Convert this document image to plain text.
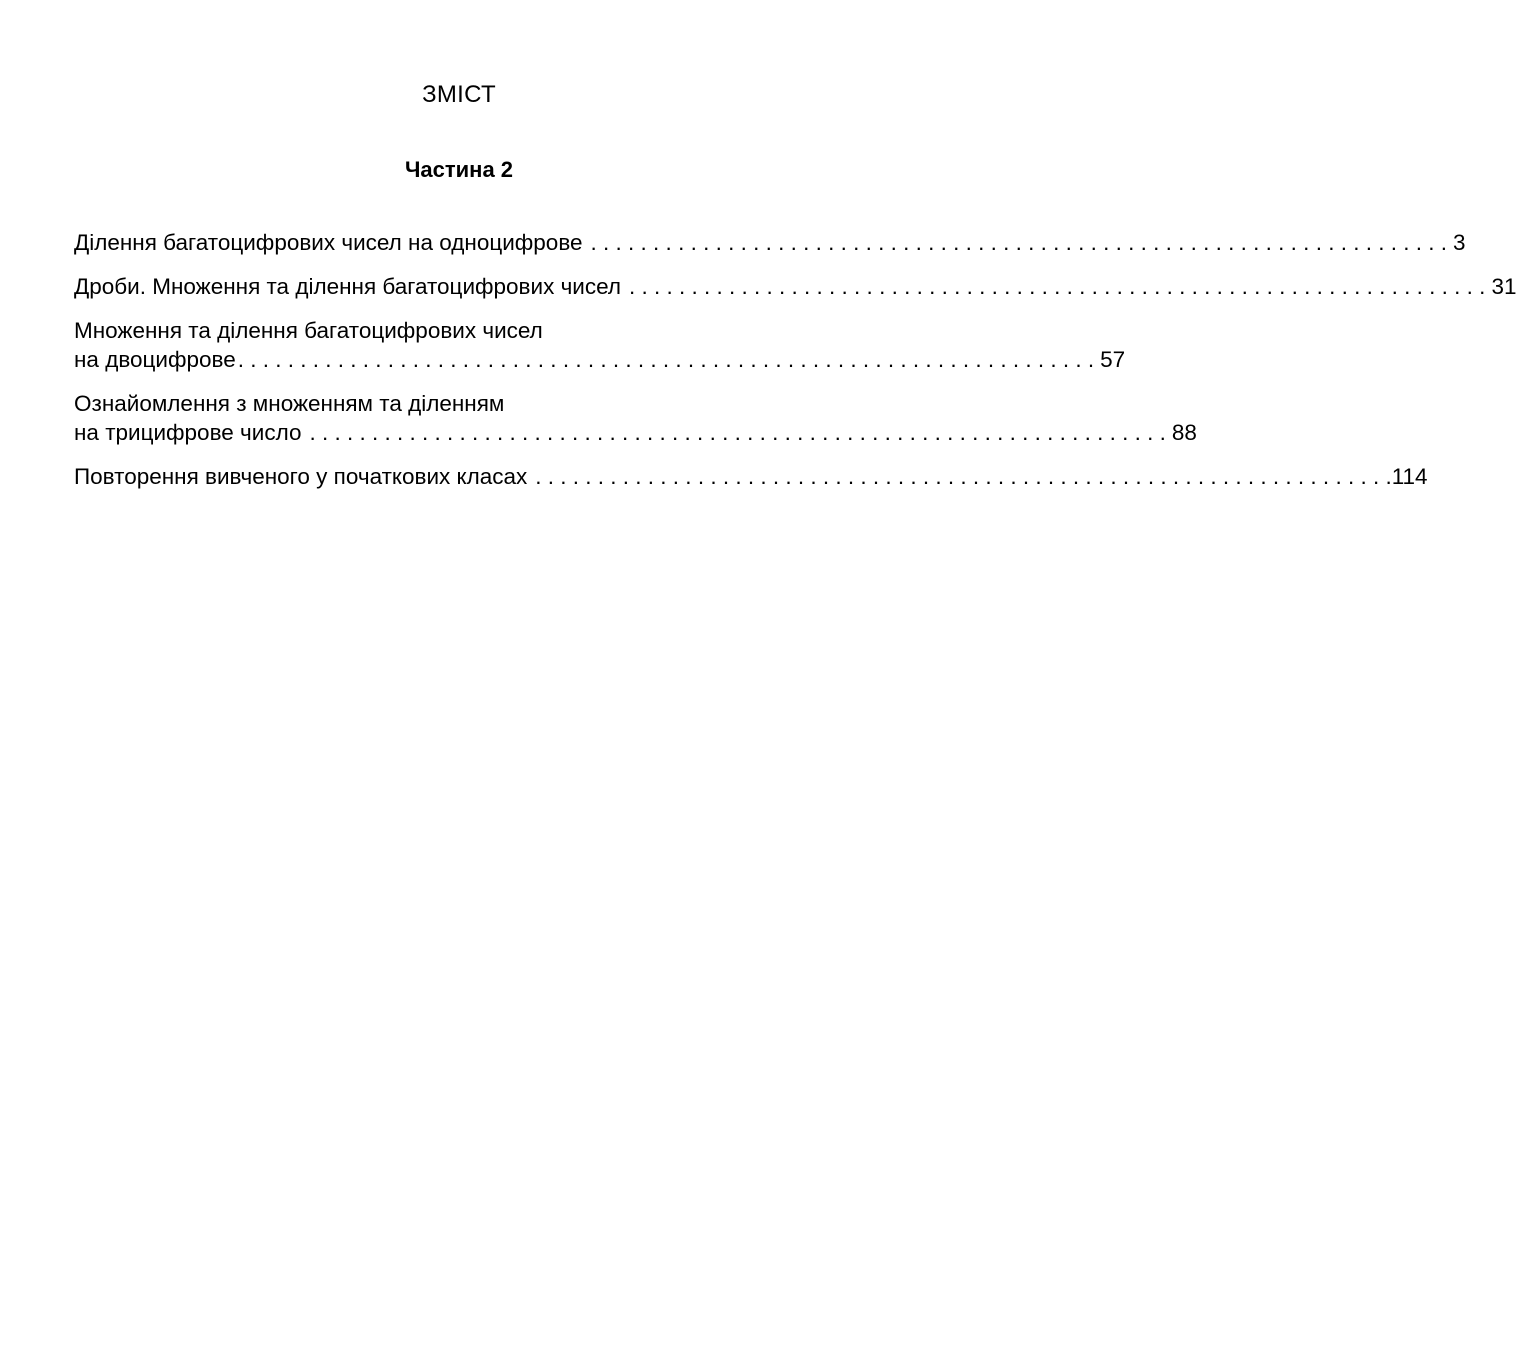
ЗМІСТ
Частина 2
Ділення багатоцифрових чисел на одноцифрове . . . . . . . . . . . . . . . . . . . . . . . . . . . . . . . . . . . . . . . . . . . . . . . . . . . . . . . . . . . . . . . . . . . . . 3
Дроби. Множення та ділення багатоцифрових чисел . . . . . . . . . . . . . . . . . . . . . . . . . . . . . . . . . . . . . . . . . . . . . . . . . . . . . . . . . . . . . . . . . . . . . 31
Множення та ділення багатоцифрових чисел
на двоцифрове . . . . . . . . . . . . . . . . . . . . . . . . . . . . . . . . . . . . . . . . . . . . . . . . . . . . . . . . . . . . . . . . . . . . . 57
Ознайомлення з множенням та діленням
на трицифрове число . . . . . . . . . . . . . . . . . . . . . . . . . . . . . . . . . . . . . . . . . . . . . . . . . . . . . . . . . . . . . . . . . . . . . 88
Повторення вивченого у початкових класах . . . . . . . . . . . . . . . . . . . . . . . . . . . . . . . . . . . . . . . . . . . . . . . . . . . . . . . . . . . . . . . . . . . . . 114
